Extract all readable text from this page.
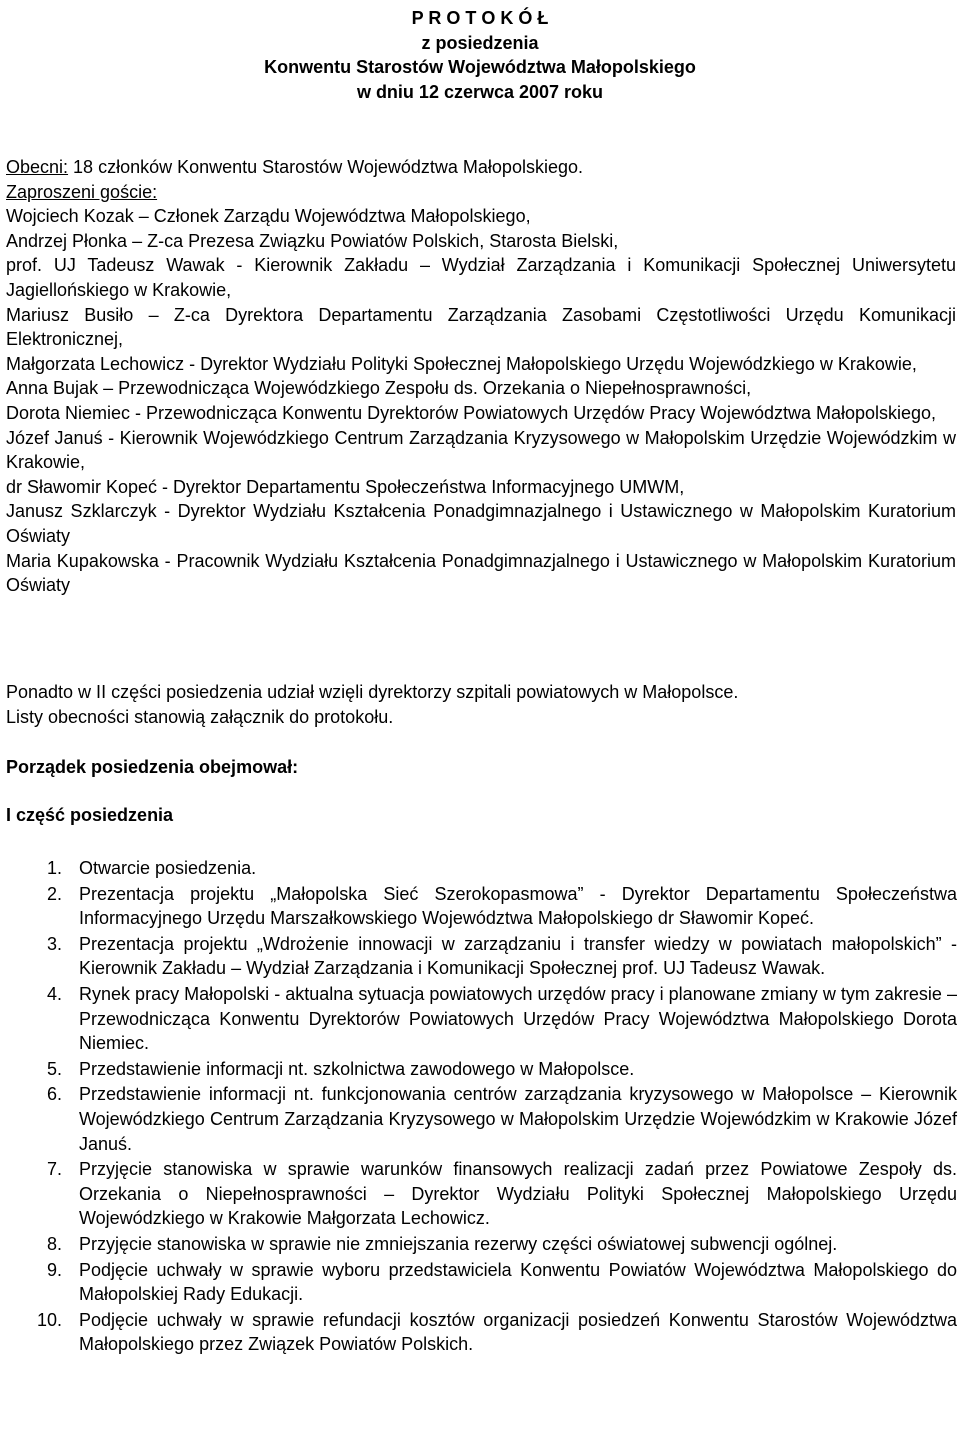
P R O T O K Ó Ł
z posiedzenia
Konwentu Starostów Województwa Małopolskiego
w dniu 12 czerwca 2007 roku

Obecni: 18 członków Konwentu Starostów Województwa Małopolskiego.

Zaproszeni goście:

Wojciech Kozak – Członek Zarządu Województwa Małopolskiego,

Andrzej Płonka – Z-ca Prezesa Związku Powiatów Polskich, Starosta Bielski,

prof. UJ Tadeusz Wawak - Kierownik Zakładu – Wydział Zarządzania i Komunikacji Społecznej Uniwersytetu Jagiellońskiego w Krakowie,

Mariusz Busiło – Z-ca Dyrektora Departamentu Zarządzania Zasobami Częstotliwości Urzędu Komunikacji Elektronicznej,

Małgorzata Lechowicz - Dyrektor Wydziału Polityki Społecznej Małopolskiego Urzędu Wojewódzkiego w Krakowie,

Anna Bujak – Przewodnicząca Wojewódzkiego Zespołu ds. Orzekania o Niepełnosprawności,

Dorota Niemiec - Przewodnicząca Konwentu Dyrektorów Powiatowych Urzędów Pracy Województwa Małopolskiego,

Józef Januś - Kierownik Wojewódzkiego Centrum Zarządzania Kryzysowego w Małopolskim Urzędzie Wojewódzkim w Krakowie,

dr Sławomir Kopeć - Dyrektor Departamentu Społeczeństwa Informacyjnego UMWM,

Janusz Szklarczyk - Dyrektor Wydziału Kształcenia Ponadgimnazjalnego i Ustawicznego w Małopolskim Kuratorium Oświaty

Maria Kupakowska - Pracownik Wydziału Kształcenia Ponadgimnazjalnego i Ustawicznego w Małopolskim Kuratorium Oświaty

Ponadto w II części posiedzenia udział wzięli dyrektorzy szpitali powiatowych w Małopolsce.
Listy obecności stanowią załącznik do protokołu.
Porządek posiedzenia obejmował:
I część posiedzenia
1. Otwarcie posiedzenia.
2. Prezentacja projektu „Małopolska Sieć Szerokopasmowa” - Dyrektor Departamentu Społeczeństwa Informacyjnego Urzędu Marszałkowskiego Województwa Małopolskiego dr Sławomir Kopeć.
3. Prezentacja projektu „Wdrożenie innowacji w zarządzaniu i transfer wiedzy w powiatach małopolskich” - Kierownik Zakładu – Wydział Zarządzania i Komunikacji Społecznej prof. UJ Tadeusz Wawak.
4. Rynek pracy Małopolski - aktualna sytuacja powiatowych urzędów pracy i planowane zmiany w tym zakresie – Przewodnicząca Konwentu Dyrektorów Powiatowych Urzędów Pracy Województwa Małopolskiego Dorota Niemiec.
5. Przedstawienie informacji nt. szkolnictwa zawodowego w Małopolsce.
6. Przedstawienie informacji nt. funkcjonowania centrów zarządzania kryzysowego w Małopolsce – Kierownik Wojewódzkiego Centrum Zarządzania Kryzysowego w Małopolskim Urzędzie Wojewódzkim w Krakowie Józef Januś.
7. Przyjęcie stanowiska w sprawie warunków finansowych realizacji zadań przez Powiatowe Zespoły ds. Orzekania o Niepełnosprawności – Dyrektor Wydziału Polityki Społecznej Małopolskiego Urzędu Wojewódzkiego w Krakowie Małgorzata Lechowicz.
8. Przyjęcie stanowiska w sprawie nie zmniejszania rezerwy części oświatowej subwencji ogólnej.
9. Podjęcie uchwały w sprawie wyboru przedstawiciela Konwentu Powiatów Województwa Małopolskiego do Małopolskiej Rady Edukacji.
10. Podjęcie uchwały w sprawie refundacji kosztów organizacji posiedzeń Konwentu Starostów Województwa Małopolskiego przez Związek Powiatów Polskich.
